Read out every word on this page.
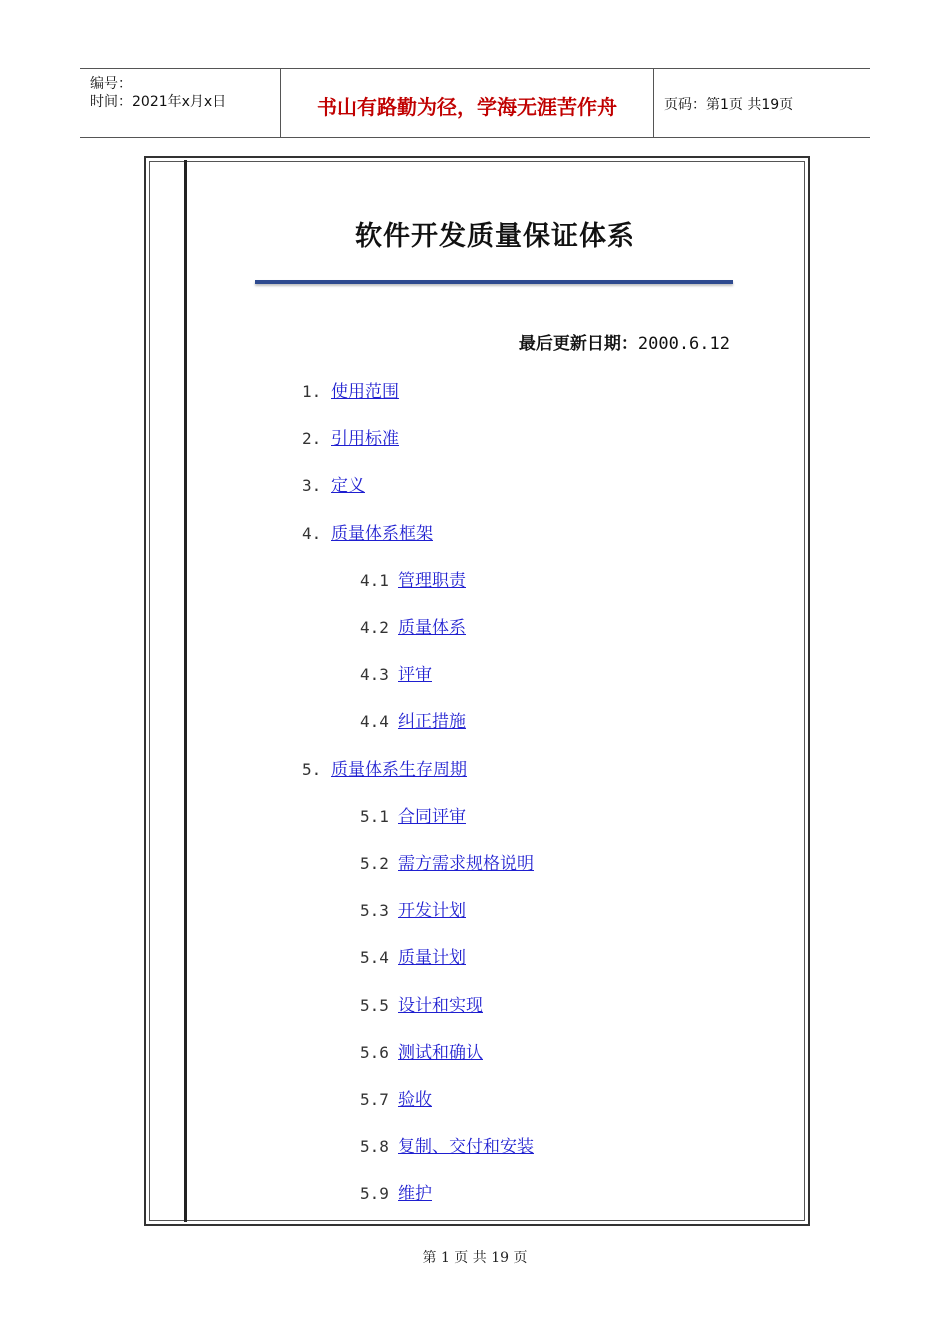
编号：
时间：2021年x月x日	书山有路勤为径，学海无涯苦作舟	页码：第1页 共19页
软件开发质量保证体系
最后更新日期：2000.6.12
1. 使用范围
2. 引用标准
3. 定义
4. 质量体系框架
4.1 管理职责
4.2 质量体系
4.3 评审
4.4 纠正措施
5. 质量体系生存周期
5.1 合同评审
5.2 需方需求规格说明
5.3 开发计划
5.4 质量计划
5.5 设计和实现
5.6 测试和确认
5.7 验收
5.8 复制、交付和安装
5.9 维护
第 1 页 共 19 页
